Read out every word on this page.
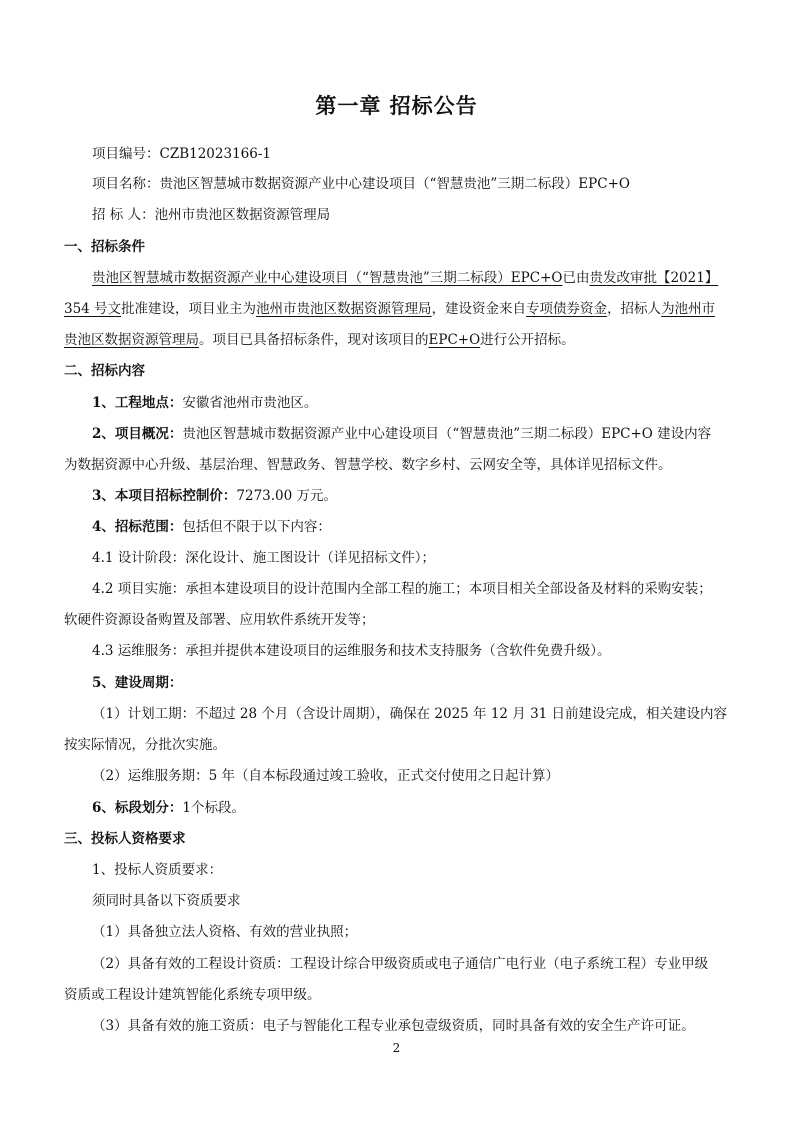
第一章 招标公告
项目编号：CZB12023166-1
项目名称：贵池区智慧城市数据资源产业中心建设项目（“智慧贵池”三期二标段）EPC+O
招 标 人：池州市贵池区数据资源管理局
一、招标条件
贵池区智慧城市数据资源产业中心建设项目（“智慧贵池”三期二标段）EPC+O已由贵发改审批【2021】
354 号文批准建设，项目业主为池州市贵池区数据资源管理局，建设资金来自专项债券资金，招标人为池州市
贵池区数据资源管理局。项目已具备招标条件，现对该项目的EPC+O进行公开招标。
二、招标内容
1、工程地点：安徽省池州市贵池区。
2、项目概况：贵池区智慧城市数据资源产业中心建设项目（“智慧贵池”三期二标段）EPC+O 建设内容
为数据资源中心升级、基层治理、智慧政务、智慧学校、数字乡村、云网安全等，具体详见招标文件。
3、本项目招标控制价：7273.00 万元。
4、招标范围：包括但不限于以下内容：
4.1 设计阶段：深化设计、施工图设计（详见招标文件）；
4.2 项目实施：承担本建设项目的设计范围内全部工程的施工；本项目相关全部设备及材料的采购安装；
软硬件资源设备购置及部署、应用软件系统开发等；
4.3 运维服务：承担并提供本建设项目的运维服务和技术支持服务（含软件免费升级）。
5、建设周期：
（1）计划工期：不超过 28 个月（含设计周期），确保在 2025 年 12 月 31 日前建设完成，相关建设内容
按实际情况，分批次实施。
（2）运维服务期：5 年（自本标段通过竣工验收，正式交付使用之日起计算）
6、标段划分：1个标段。
三、投标人资格要求
1、投标人资质要求：
须同时具备以下资质要求
（1）具备独立法人资格、有效的营业执照；
（2）具备有效的工程设计资质：工程设计综合甲级资质或电子通信广电行业（电子系统工程）专业甲级
资质或工程设计建筑智能化系统专项甲级。
（3）具备有效的施工资质：电子与智能化工程专业承包壹级资质，同时具备有效的安全生产许可证。
2
